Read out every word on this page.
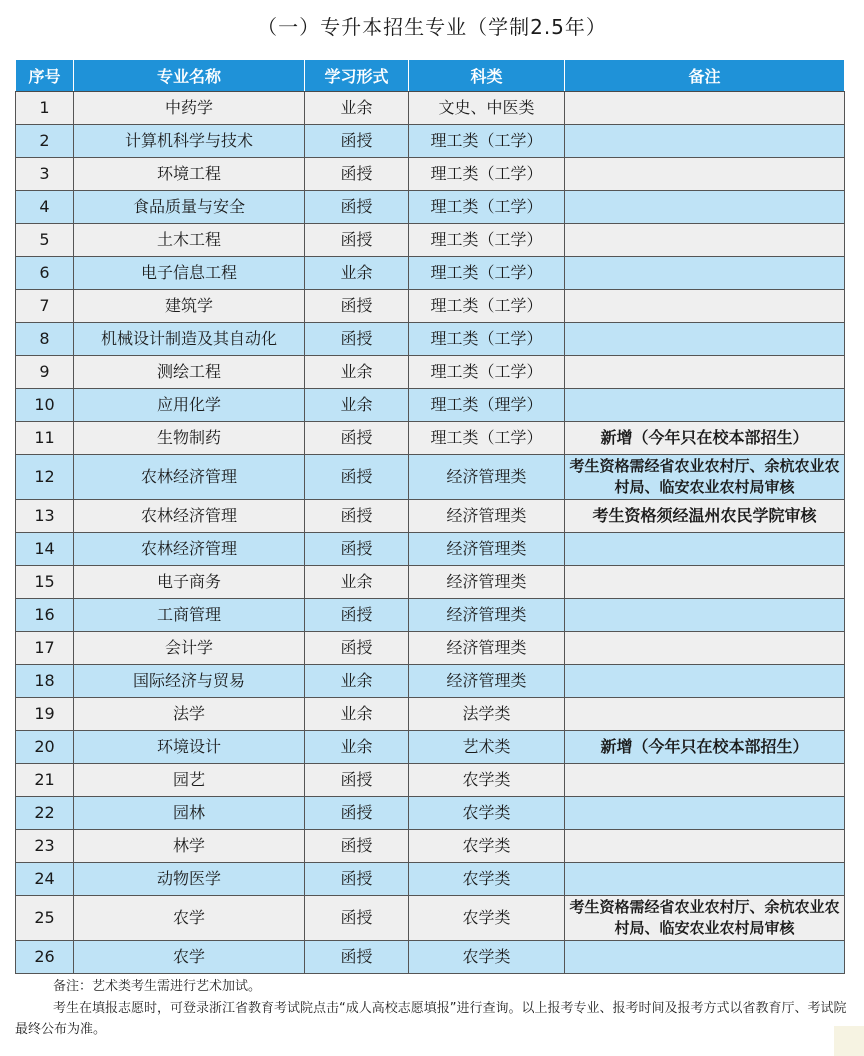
（一）专升本招生专业（学制2.5年）
序号	专业名称	学习形式	科类	备注
1	中药学	业余	文史、中医类	
2	计算机科学与技术	函授	理工类（工学）	
3	环境工程	函授	理工类（工学）	
4	食品质量与安全	函授	理工类（工学）	
5	土木工程	函授	理工类（工学）	
6	电子信息工程	业余	理工类（工学）	
7	建筑学	函授	理工类（工学）	
8	机械设计制造及其自动化	函授	理工类（工学）	
9	测绘工程	业余	理工类（工学）	
10	应用化学	业余	理工类（理学）	
11	生物制药	函授	理工类（工学）	新增（今年只在校本部招生）
12	农林经济管理	函授	经济管理类	考生资格需经省农业农村厅、余杭农业农村局、临安农业农村局审核
13	农林经济管理	函授	经济管理类	考生资格须经温州农民学院审核
14	农林经济管理	函授	经济管理类	
15	电子商务	业余	经济管理类	
16	工商管理	函授	经济管理类	
17	会计学	函授	经济管理类	
18	国际经济与贸易	业余	经济管理类	
19	法学	业余	法学类	
20	环境设计	业余	艺术类	新增（今年只在校本部招生）
21	园艺	函授	农学类	
22	园林	函授	农学类	
23	林学	函授	农学类	
24	动物医学	函授	农学类	
25	农学	函授	农学类	考生资格需经省农业农村厅、余杭农业农村局、临安农业农村局审核
26	农学	函授	农学类	
备注：艺术类考生需进行艺术加试。
考生在填报志愿时，可登录浙江省教育考试院点击“成人高校志愿填报”进行查询。以上报考专业、报考时间及报考方式以省教育厅、考试院最终公布为准。
